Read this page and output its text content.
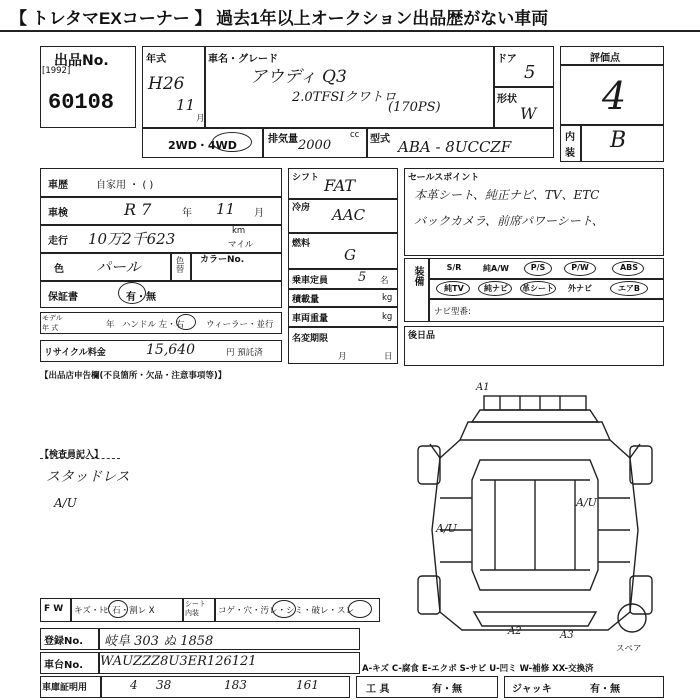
【 トレタマEXコーナー 】 過去1年以上オークション出品歴がない車両
出品No.
[1992]
60108
年式
H26
11
月
車名・グレード
アウディ Q3
2.0TFSIクワトロ
(170PS)
ドア
5
形状
W
評価点
4
内
装
B
2WD・4WD	排気量 2000
cc 型式 ABA - 8UCCZF
車歴	自家用 ・ ( )
車検	R 7	年 11 月
走行 10万2千623	km
マイル
色 パール	色替 カラーNo.
保証書	有・無
モデル
年 式	年 ハンドル 左・右	ウィーラー・並行
リサイクル料金	15,640	円 預託済
シフト FAT
冷房 AAC
燃料
G
乗車定員 5 名
積載量	kg
車両重量	kg
名変期限
月	日
セールスポイント
本革シート、純正ナビ、TV、ETC
バックカメラ、前席パワーシート、
装備	S/R	純A/W	P/S	P/W	ABS
純TV	純ナビ	革シート	外ナビ	エアB
ナビ型番:
後日品
【出品店申告欄(不良箇所・欠品・注意事項等)】
【検査員記入】
スタッドレス
A/U
A1
A/U
A/U
A2	A3
スペア
F W キズ・ﾄﾋﾞ石・割レ X
シート内装	コゲ・穴・汚レ・シミ・破レ・スレ
登録No. 岐阜 303 ぬ 1858
車台No. WAUZZZ8U3ER126121	A-キズ C-腐食 E-エクボ S-サビ U-凹ミ W-補修 XX-交換済
車庫証明用	4 38	183	161	工 具	有・無	ジャッキ	有・無
